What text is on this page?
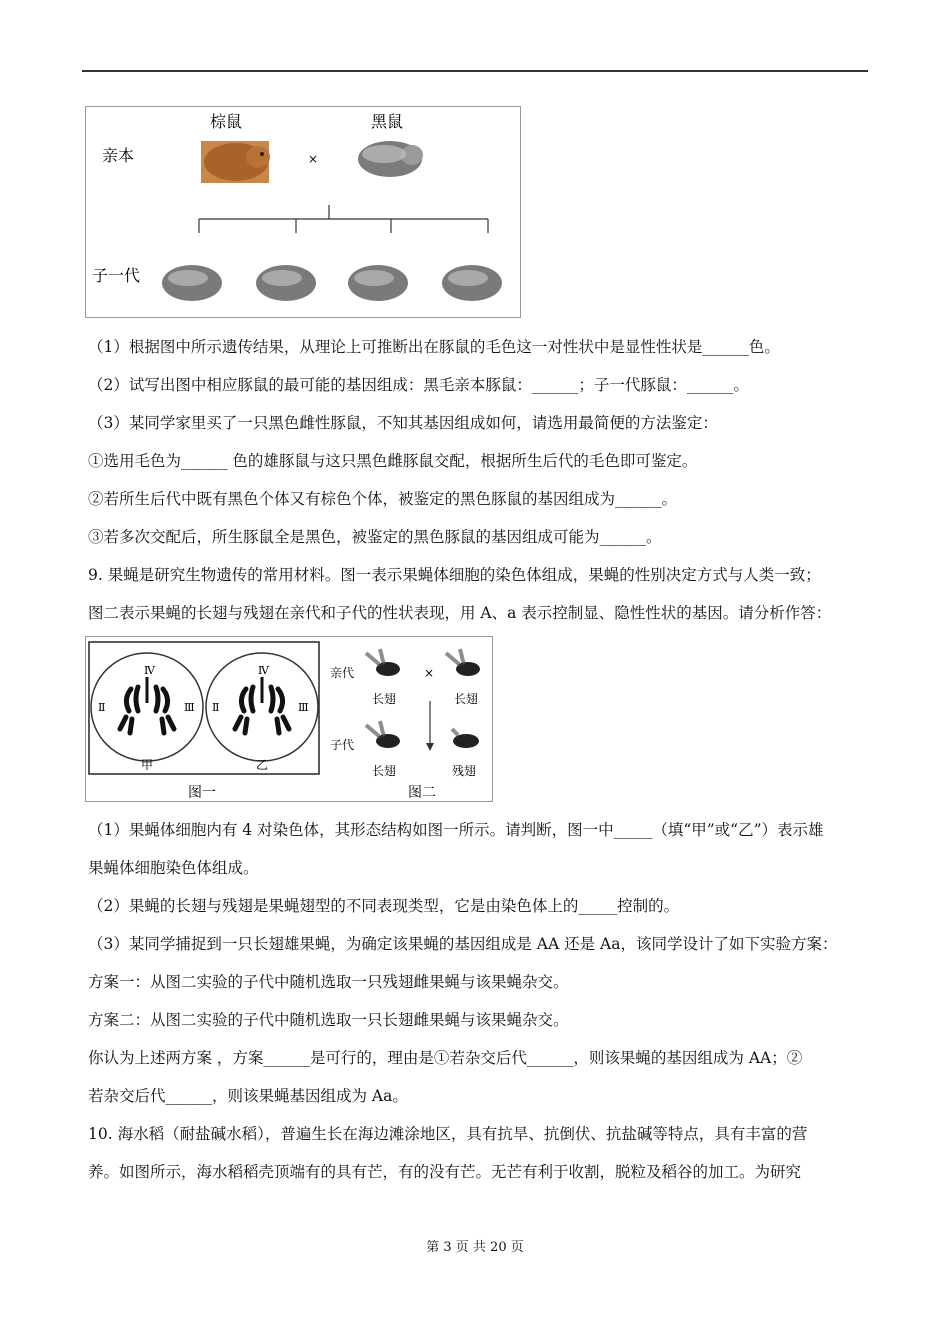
棕鼠	黑鼠
亲本	×
子一代
（1）根据图中所示遗传结果，从理论上可推断出在豚鼠的毛色这一对性状中是显性性状是______色。
（2）试写出图中相应豚鼠的最可能的基因组成：黑毛亲本豚鼠：______；子一代豚鼠：______。
（3）某同学家里买了一只黑色雌性豚鼠，不知其基因组成如何，请选用最简便的方法鉴定：
①选用毛色为______ 色的雄豚鼠与这只黑色雌豚鼠交配，根据所生后代的毛色即可鉴定。
②若所生后代中既有黑色个体又有棕色个体，被鉴定的黑色豚鼠的基因组成为______。
③若多次交配后，所生豚鼠全是黑色，被鉴定的黑色豚鼠的基因组成可能为______。
9. 果蝇是研究生物遗传的常用材料。图一表示果蝇体细胞的染色体组成，果蝇的性别决定方式与人类一致；
图二表示果蝇的长翅与残翅在亲代和子代的性状表现，用 A、a 表示控制显、隐性性状的基因。请分析作答：
Ⅳ
Ⅱ	Ⅲ
Ⅳ
Ⅱ	Ⅲ
甲	乙
图一	图二
亲代
子代
×
长翅	长翅
长翅	残翅
（1）果蝇体细胞内有 4 对染色体，其形态结构如图一所示。请判断，图一中_____（填“甲”或“乙”）表示雄
果蝇体细胞染色体组成。
（2）果蝇的长翅与残翅是果蝇翅型的不同表现类型，它是由染色体上的_____控制的。
（3）某同学捕捉到一只长翅雄果蝇，为确定该果蝇的基因组成是 AA 还是 Aa，该同学设计了如下实验方案：
方案一：从图二实验的子代中随机选取一只残翅雌果蝇与该果蝇杂交。
方案二：从图二实验的子代中随机选取一只长翅雌果蝇与该果蝇杂交。
你认为上述两方案 ，方案______是可行的，理由是①若杂交后代______，则该果蝇的基因组成为 AA；②
若杂交后代______，则该果蝇基因组成为 Aa。
10. 海水稻（耐盐碱水稻），普遍生长在海边滩涂地区，具有抗旱、抗倒伏、抗盐碱等特点，具有丰富的营
养。如图所示，海水稻稻壳顶端有的具有芒，有的没有芒。无芒有利于收割，脱粒及稻谷的加工。为研究
第 3 页 共 20 页
